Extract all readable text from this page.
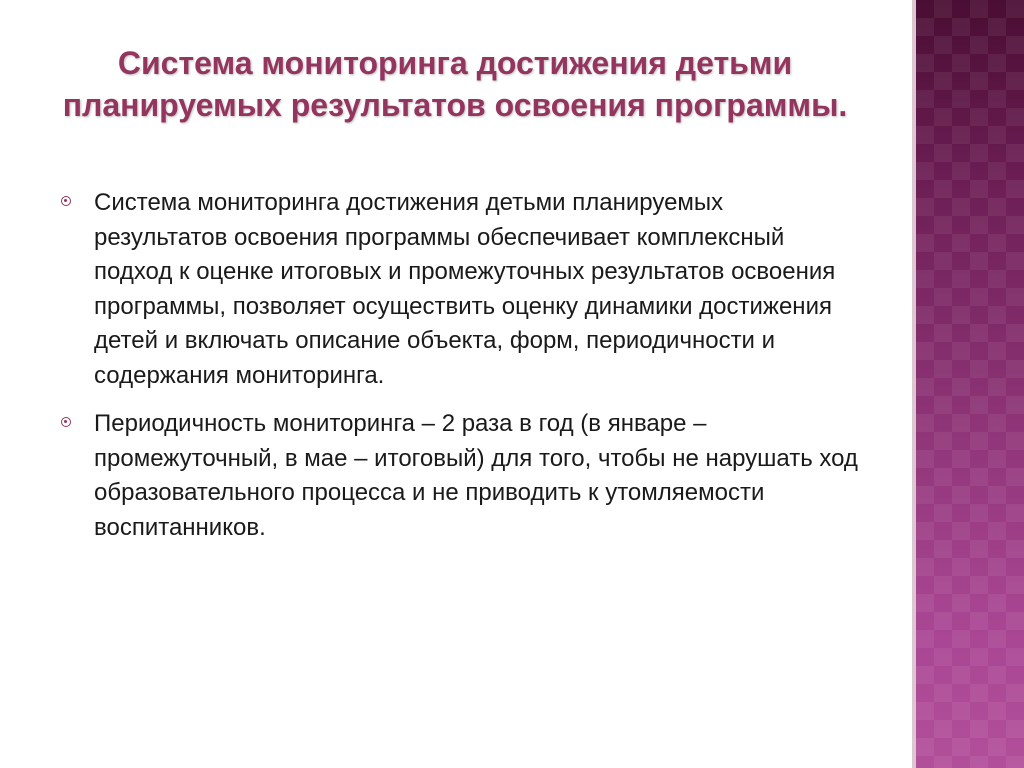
Система мониторинга достижения детьми планируемых результатов освоения программы.
Система мониторинга достижения детьми планируемых результатов освоения программы обеспечивает комплексный подход к оценке итоговых и промежуточных результатов освоения программы, позволяет осуществить оценку динамики достижения детей и включать описание объекта, форм, периодичности и содержания мониторинга.
Периодичность мониторинга – 2 раза в год (в январе – промежуточный, в мае – итоговый) для того, чтобы не нарушать ход образовательного процесса и не приводить к утомляемости воспитанников.
